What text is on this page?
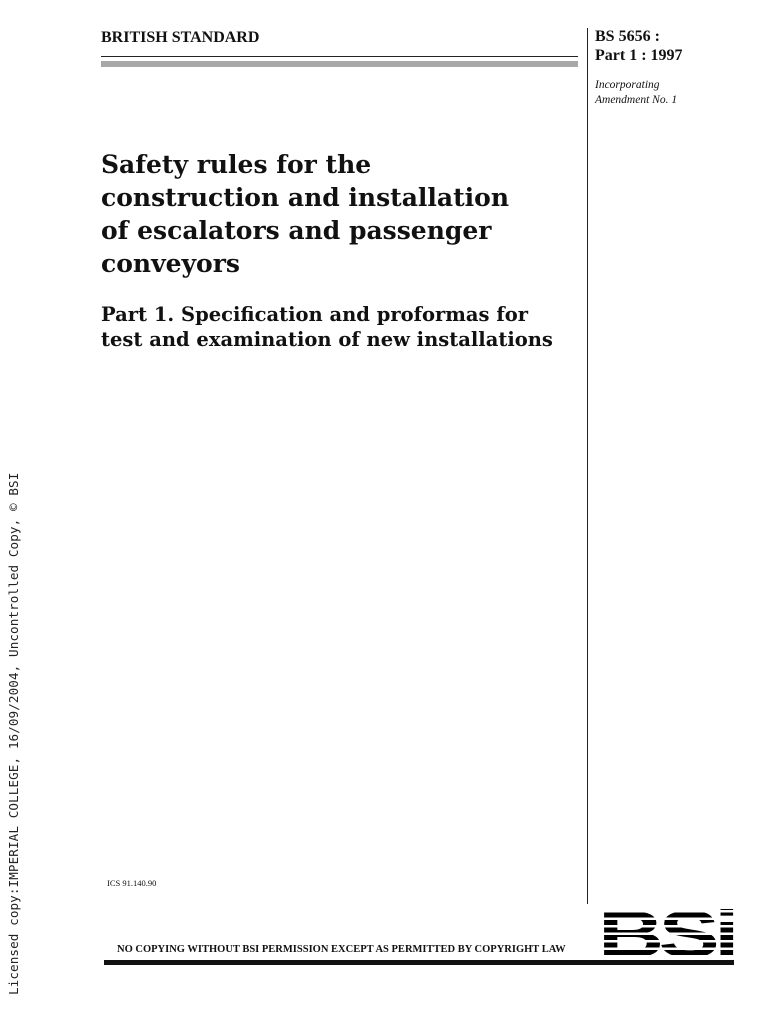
Licensed copy:IMPERIAL COLLEGE, 16/09/2004, Uncontrolled Copy, © BSI
BRITISH STANDARD	BS 5656 :
Part 1 : 1997
Incorporating
Amendment No. 1
Safety rules for the
construction and installation
of escalators and passenger
conveyors
Part 1. Specification and proformas for
test and examination of new installations
ICS 91.140.90
NO COPYING WITHOUT BSI PERMISSION EXCEPT AS PERMITTED BY COPYRIGHT LAW
